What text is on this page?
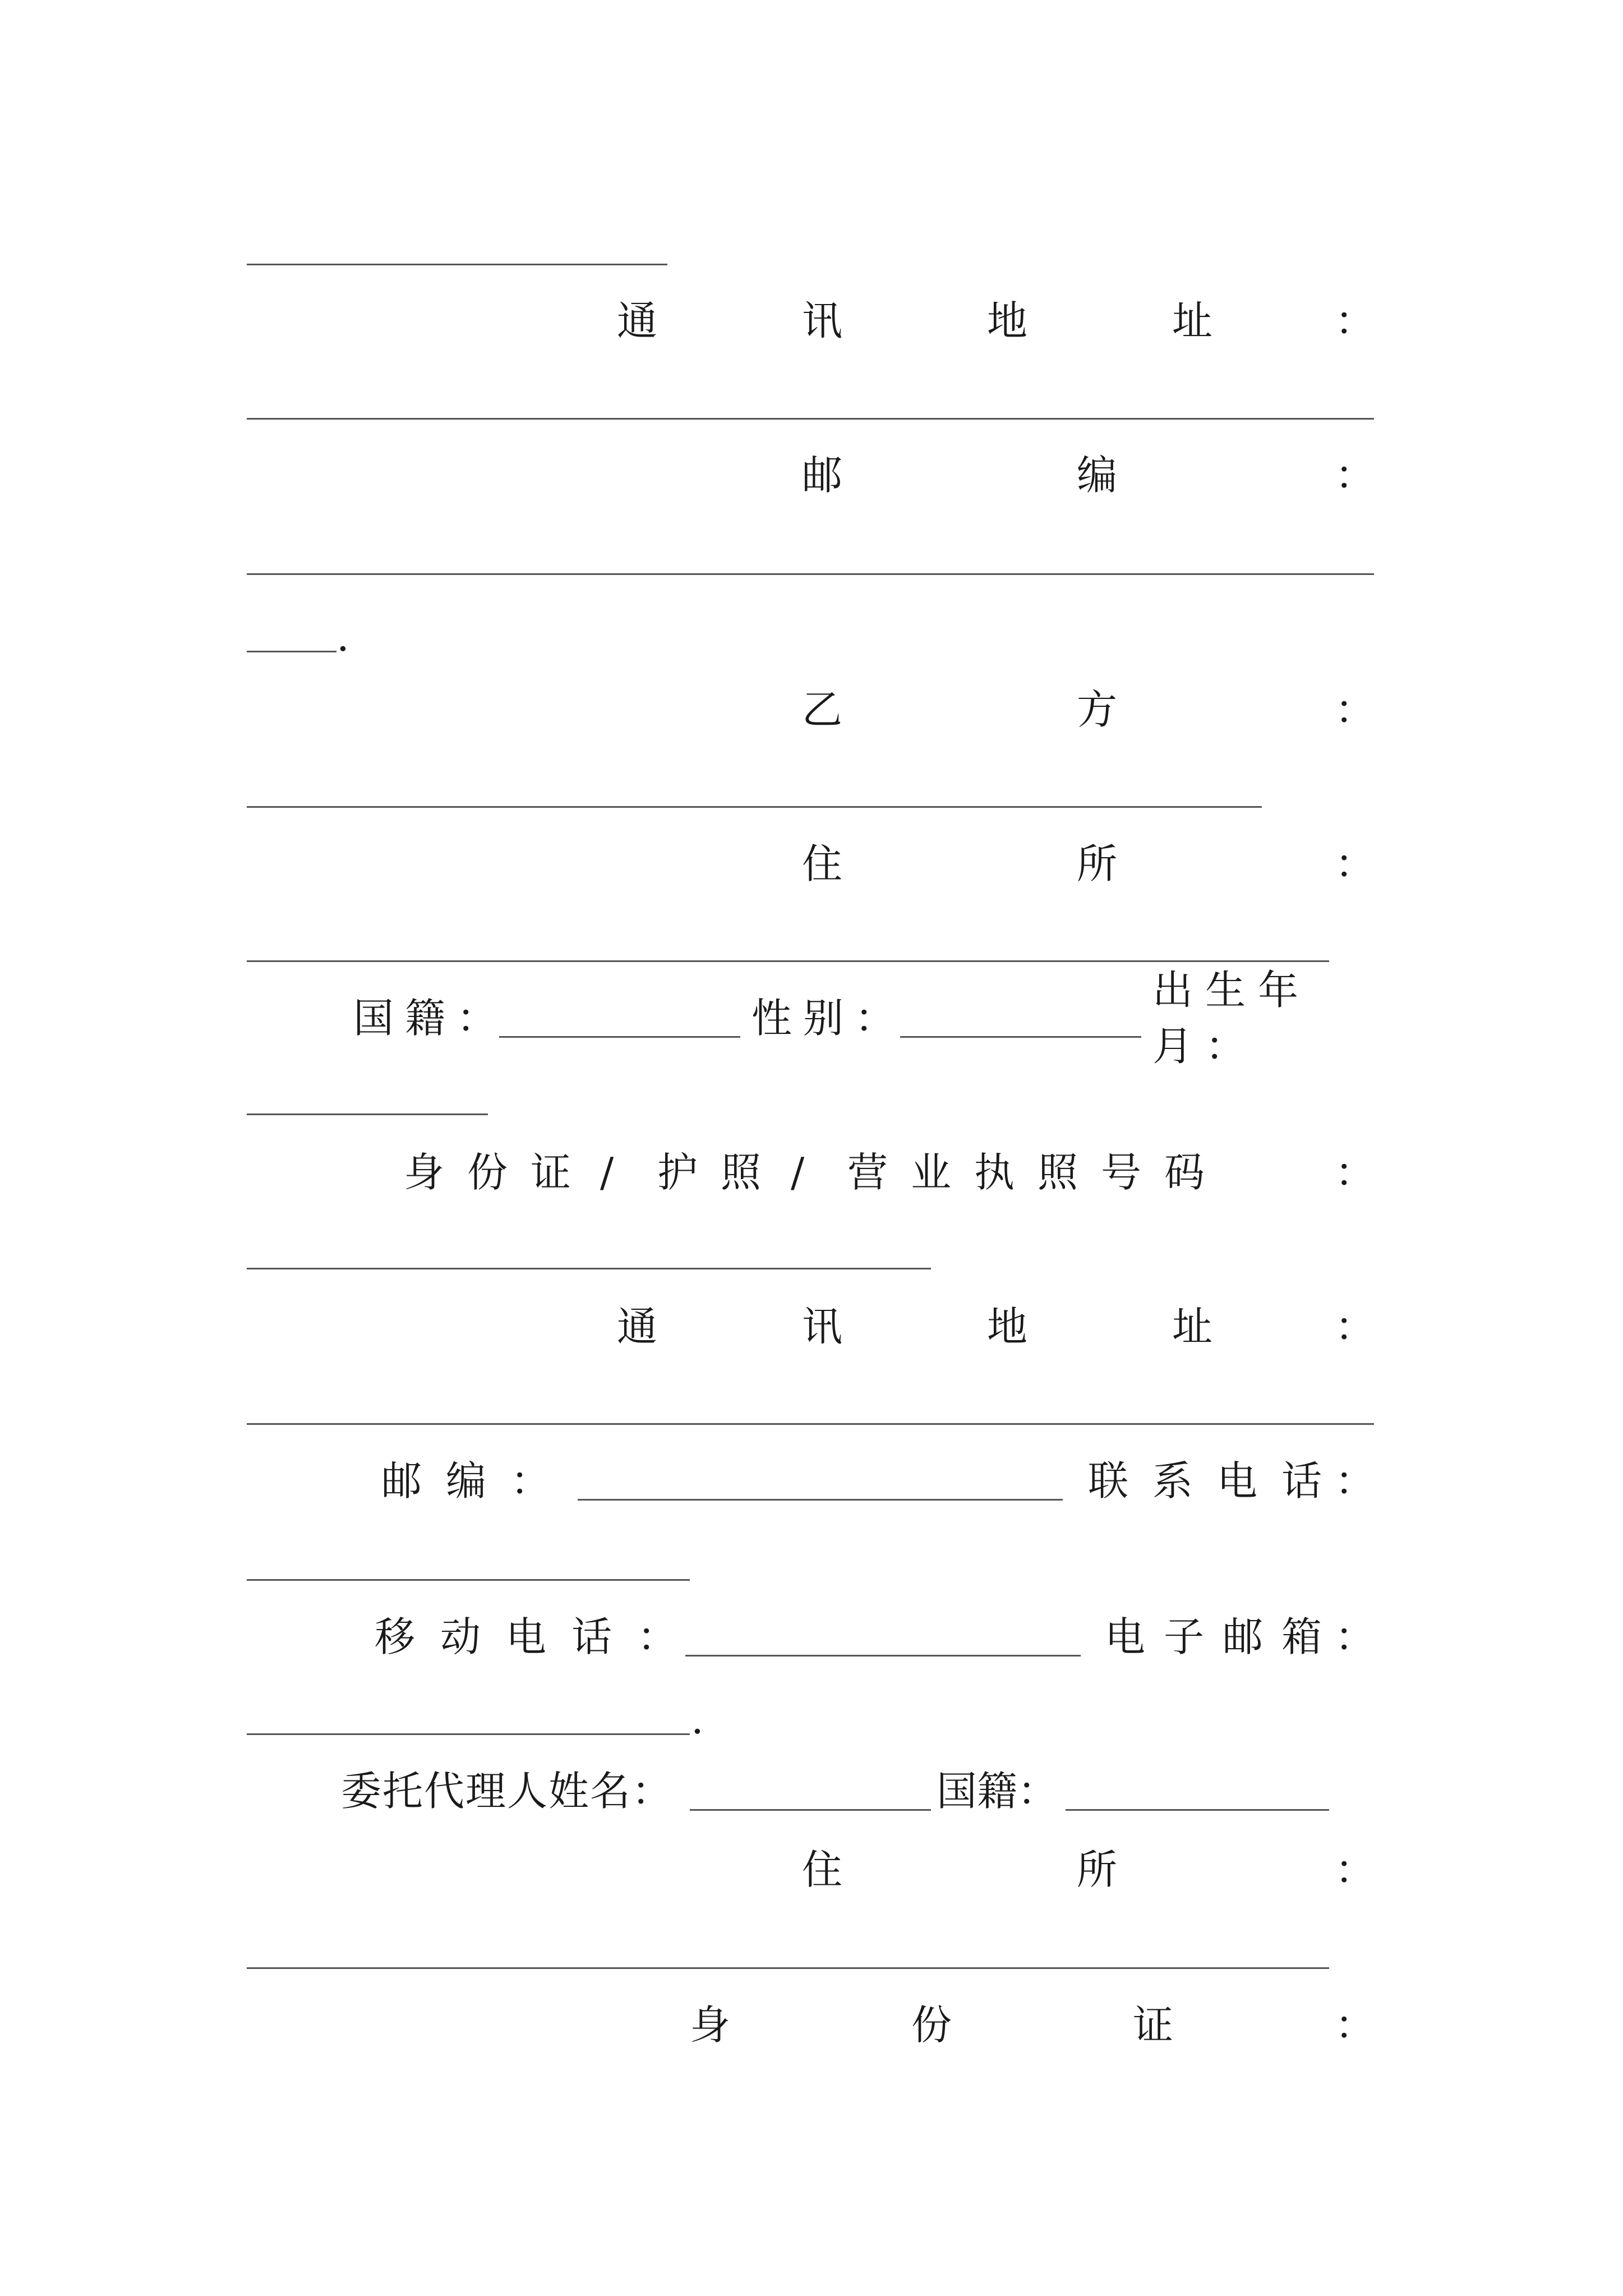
通	讯	地	址	：
邮	编	：
.
乙	方	：
住	所	：
国籍：	性别：
出生年月：
身 份 证 / 护 照 / 营 业 执 照 号 码	：
通	讯	地	址	：
邮 编 ：	联 系 电 话 ：
移 动 电 话 ：	电 子 邮 箱 ：
.
委托代理人姓名：	国籍：
住	所	：
身	份	证	：
